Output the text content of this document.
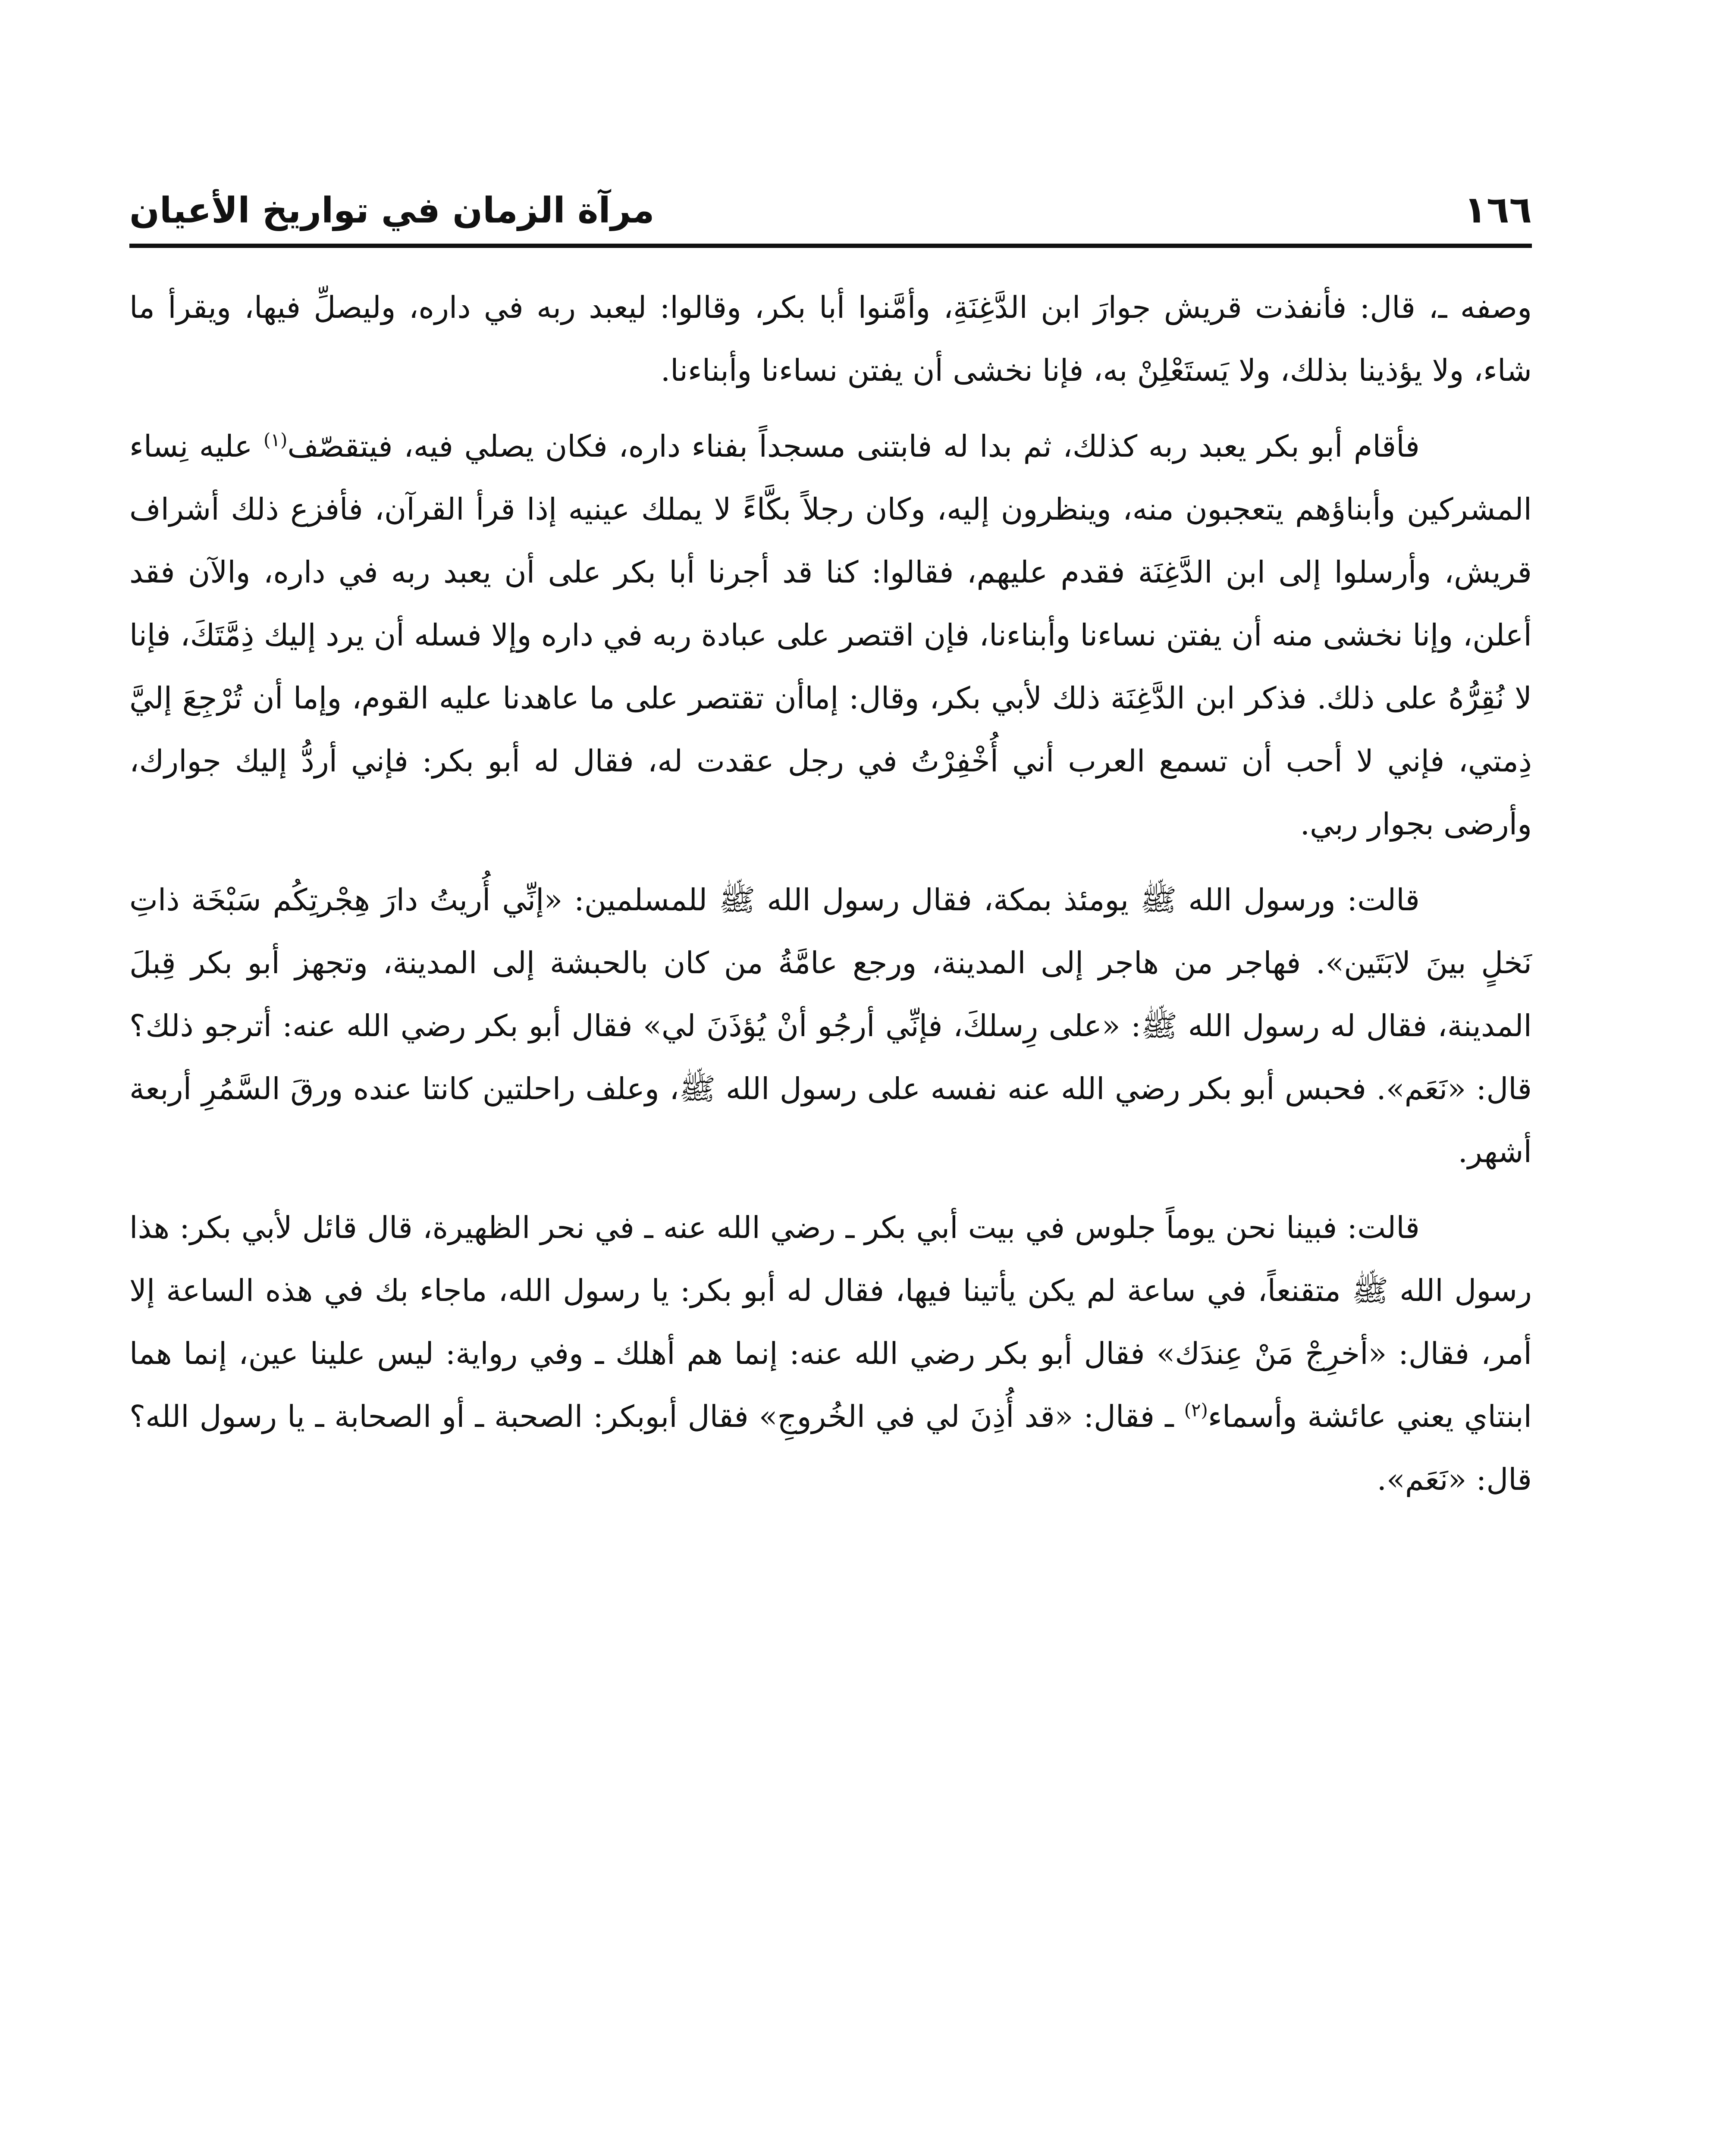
١٦٦
مرآة الزمان في تواريخ الأعيان

وصفه ـ، قال: فأنفذت قريش جوارَ ابن الدَّغِنَةِ، وأمَّنوا أبا بكر، وقالوا: ليعبد ربه في داره، وليصلِّ فيها، ويقرأ ما شاء، ولا يؤذينا بذلك، ولا يَستَعْلِنْ به، فإنا نخشى أن يفتن نساءنا وأبناءنا.

فأقام أبو بكر يعبد ربه كذلك، ثم بدا له فابتنى مسجداً بفناء داره، فكان يصلي فيه، فيتقصّف$^{(١)}$ عليه نِساء المشركين وأبناؤهم يتعجبون منه، وينظرون إليه، وكان رجلاً بكَّاءً لا يملك عينيه إذا قرأ القرآن، فأفزع ذلك أشراف قريش، وأرسلوا إلى ابن الدَّغِنَة فقدم عليهم، فقالوا: كنا قد أجرنا أبا بكر على أن يعبد ربه في داره، والآن فقد أعلن، وإنا نخشى منه أن يفتن نساءنا وأبناءنا، فإن اقتصر على عبادة ربه في داره وإلا فسله أن يرد إليك ذِمَّتَكَ، فإنا لا نُقِرُّهُ على ذلك. فذكر ابن الدَّغِنَة ذلك لأبي بكر، وقال: إماأن تقتصر على ما عاهدنا عليه القوم، وإما أن تُرْجِعَ إليَّ ذِمتي، فإني لا أحب أن تسمع العرب أني أُخْفِرْتُ في رجل عقدت له، فقال له أبو بكر: فإني أردُّ إليك جوارك، وأرضى بجوار ربي.

قالت: ورسول الله ﷺ يومئذ بمكة، فقال رسول الله ﷺ للمسلمين: «إنِّي أُريتُ دارَ هِجْرتِكُم سَبْخَة ذاتِ نَخلٍ بينَ لابَتَين». فهاجر من هاجر إلى المدينة، ورجع عامَّةُ من كان بالحبشة إلى المدينة، وتجهز أبو بكر قِبلَ المدينة، فقال له رسول الله ﷺ: «على رِسلكَ، فإنِّي أرجُو أنْ يُؤذَنَ لي» فقال أبو بكر رضي الله عنه: أترجو ذلك؟ قال: «نَعَم». فحبس أبو بكر رضي الله عنه نفسه على رسول الله ﷺ، وعلف راحلتين كانتا عنده ورقَ السَّمُرِ أربعة أشهر.

قالت: فبينا نحن يوماً جلوس في بيت أبي بكر ـ رضي الله عنه ـ في نحر الظهيرة، قال قائل لأبي بكر: هذا رسول الله ﷺ متقنعاً، في ساعة لم يكن يأتينا فيها، فقال له أبو بكر: يا رسول الله، ماجاء بك في هذه الساعة إلا أمر، فقال: «أخرِجْ مَنْ عِندَك» فقال أبو بكر رضي الله عنه: إنما هم أهلك ـ وفي رواية: ليس علينا عين، إنما هما ابنتاي يعني عائشة وأسماء$^{(٢)}$ ـ فقال: «قد أُذِنَ لي في الخُروجِ» فقال أبوبكر: الصحبة ـ أو الصحابة ـ يا رسول الله؟ قال: «نَعَم».
